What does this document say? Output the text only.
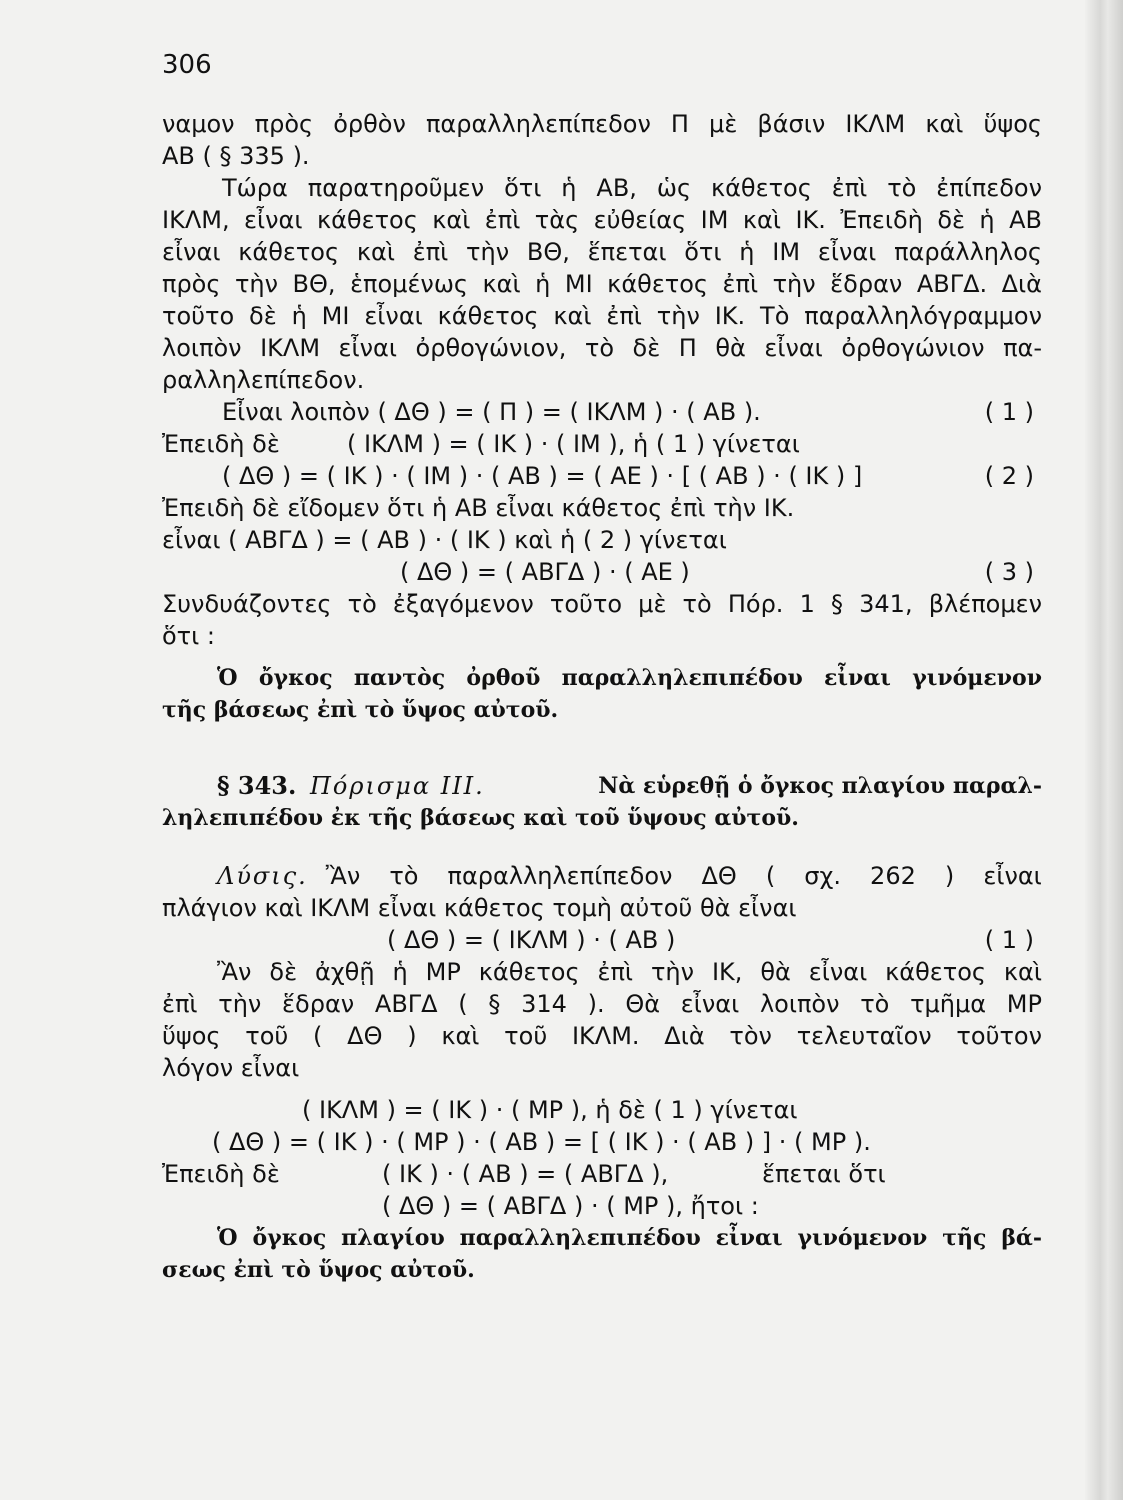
306
ναμον πρὸς ὀρθὸν παραλληλεπίπεδον Π μὲ βάσιν ΙΚΛΜ καὶ ὕψος
ΑΒ ( § 335 ).
Τώρα παρατηροῦμεν ὅτι ἡ ΑΒ, ὡς κάθετος ἐπὶ τὸ ἐπίπεδον
ΙΚΛΜ, εἶναι κάθετος καὶ ἐπὶ τὰς εὐθείας ΙΜ καὶ ΙΚ. Ἐπειδὴ δὲ ἡ ΑΒ
εἶναι κάθετος καὶ ἐπὶ τὴν ΒΘ, ἕπεται ὅτι ἡ ΙΜ εἶναι παράλληλος
πρὸς τὴν ΒΘ, ἑπομένως καὶ ἡ ΜΙ κάθετος ἐπὶ τὴν ἕδραν ΑΒΓΔ. Διὰ
τοῦτο δὲ ἡ ΜΙ εἶναι κάθετος καὶ ἐπὶ τὴν ΙΚ. Τὸ παραλληλόγραμμον
λοιπὸν ΙΚΛΜ εἶναι ὀρθογώνιον, τὸ δὲ Π θὰ εἶναι ὀρθογώνιον πα-
ραλληλεπίπεδον.
Εἶναι λοιπὸν ( ΔΘ ) = ( Π ) = ( ΙΚΛΜ ) · ( ΑΒ ).	( 1 )
Ἐπειδὴ δὲ	( ΙΚΛΜ ) = ( ΙΚ ) · ( ΙΜ ), ἡ ( 1 ) γίνεται
( ΔΘ ) = ( ΙΚ ) · ( ΙΜ ) · ( ΑΒ ) = ( ΑΕ ) · [ ( ΑΒ ) · ( ΙΚ ) ]	( 2 )
Ἐπειδὴ δὲ εἴδομεν ὅτι ἡ ΑΒ εἶναι κάθετος ἐπὶ τὴν ΙΚ.
εἶναι ( ΑΒΓΔ ) = ( ΑΒ ) · ( ΙΚ ) καὶ ἡ ( 2 ) γίνεται
( ΔΘ ) = ( ΑΒΓΔ ) · ( ΑΕ )	( 3 )
Συνδυάζοντες τὸ ἐξαγόμενον τοῦτο μὲ τὸ Πόρ. 1 § 341, βλέπομεν
ὅτι :
Ὁ ὄγκος παντὸς ὀρθοῦ παραλληλεπιπέδου εἶναι γινόμενον
τῆς βάσεως ἐπὶ τὸ ὕψος αὐτοῦ.
§ 343. Πόρισμα ΙΙΙ.	Νὰ εὑρεθῇ ὁ ὄγκος πλαγίου παραλ-
ληλεπιπέδου ἐκ τῆς βάσεως καὶ τοῦ ὕψους αὐτοῦ.
Λύσις. Ἂν τὸ παραλληλεπίπεδον ΔΘ ( σχ. 262 ) εἶναι
πλάγιον καὶ ΙΚΛΜ εἶναι κάθετος τομὴ αὐτοῦ θὰ εἶναι
( ΔΘ ) = ( ΙΚΛΜ ) · ( ΑΒ )	( 1 )
Ἂν δὲ ἀχθῇ ἡ ΜΡ κάθετος ἐπὶ τὴν ΙΚ, θὰ εἶναι κάθετος καὶ
ἐπὶ τὴν ἕδραν ΑΒΓΔ ( § 314 ). Θὰ εἶναι λοιπὸν τὸ τμῆμα ΜΡ
ὕψος τοῦ ( ΔΘ ) καὶ τοῦ ΙΚΛΜ. Διὰ τὸν τελευταῖον τοῦτον
λόγον εἶναι
( ΙΚΛΜ ) = ( ΙΚ ) · ( ΜΡ ), ἡ δὲ ( 1 ) γίνεται
( ΔΘ ) = ( ΙΚ ) · ( ΜΡ ) · ( ΑΒ ) = [ ( ΙΚ ) · ( ΑΒ ) ] · ( ΜΡ ).
Ἐπειδὴ δὲ	( ΙΚ ) · ( ΑΒ ) = ( ΑΒΓΔ ),	ἕπεται ὅτι
( ΔΘ ) = ( ΑΒΓΔ ) · ( ΜΡ ), ἤτοι :
Ὁ ὄγκος πλαγίου παραλληλεπιπέδου εἶναι γινόμενον τῆς βά-
σεως ἐπὶ τὸ ὕψος αὐτοῦ.
